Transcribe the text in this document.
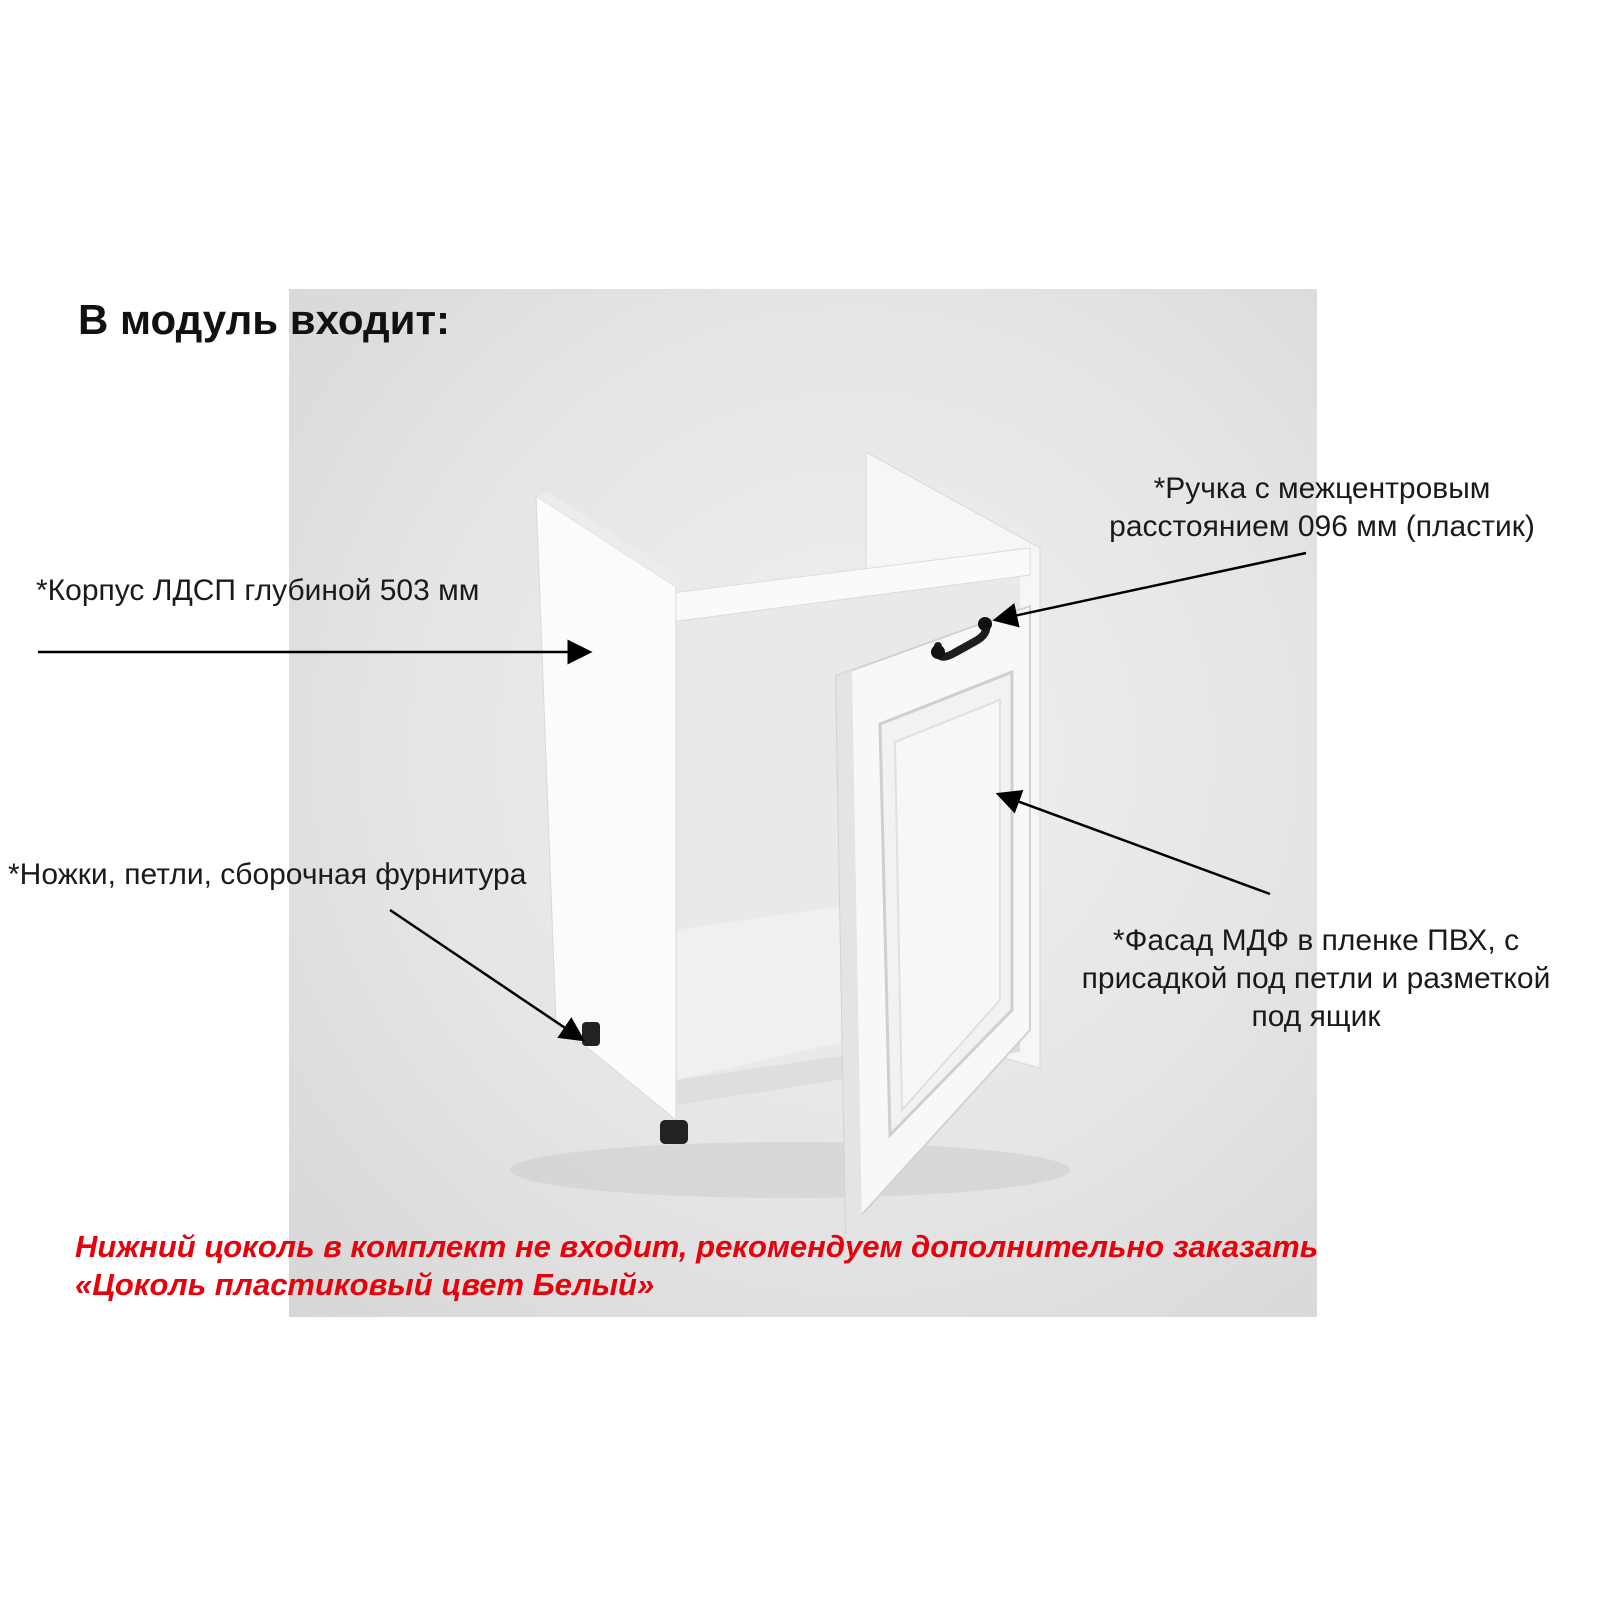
В модуль входит:
*Корпус ЛДСП глубиной 503 мм
*Ручка с межцентровым
расстоянием 096 мм (пластик)
*Ножки, петли, сборочная фурнитура
*Фасад МДФ в пленке ПВХ, с
присадкой под петли и разметкой
под ящик
Нижний цоколь в комплект не входит, рекомендуем дополнительно заказать
«Цоколь пластиковый цвет Белый»
